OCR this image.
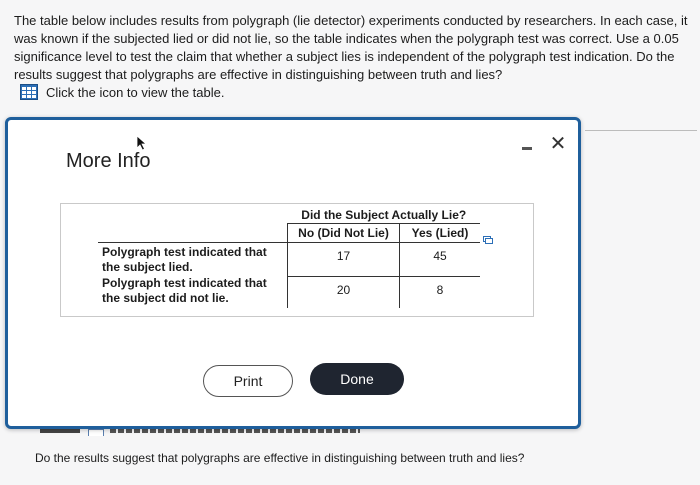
The table below includes results from polygraph (lie detector) experiments conducted by researchers. In each case, it was known if the subjected lied or did not lie, so the table indicates when the polygraph test was correct. Use a 0.05 significance level to test the claim that whether a subject lies is independent of the polygraph test indication. Do the results suggest that polygraphs are effective in distinguishing between truth and lies?
Click the icon to view the table.
Do the results suggest that polygraphs are effective in distinguishing between truth and lies?
More Info
✕
	Did the Subject Actually Lie?	
	No (Did Not Lie)	Yes (Lied)
Polygraph test indicated that the subject lied.	17	45
Polygraph test indicated that the subject did not lie.	20	8
Print	Done
